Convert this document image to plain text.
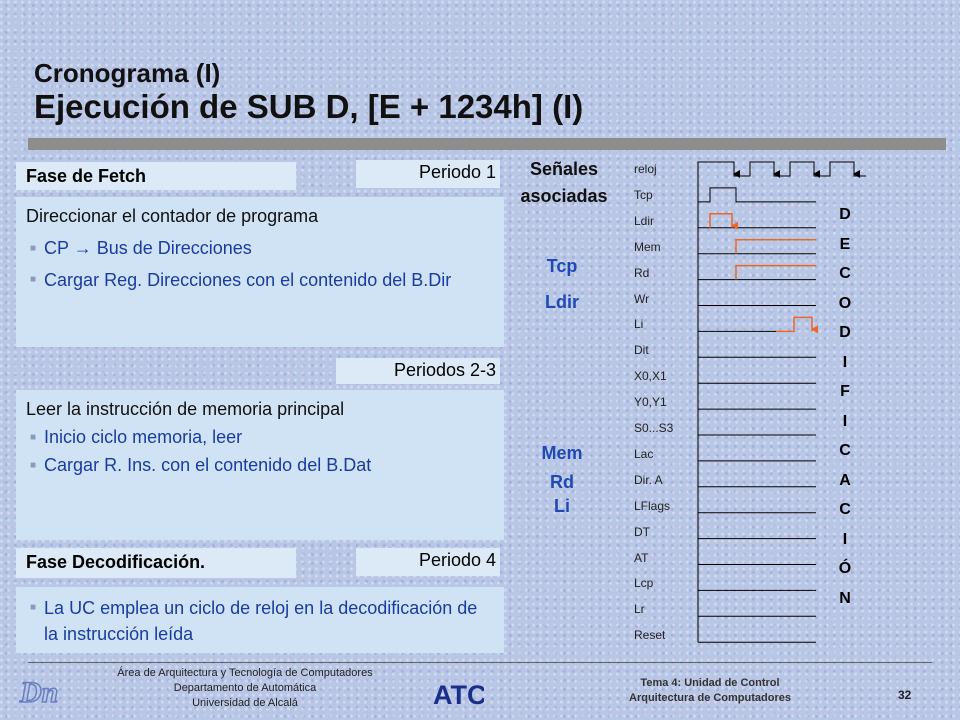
Cronograma (I)
Ejecución de SUB D, [E + 1234h] (I)
Fase de Fetch	Periodo 1
Direccionar el contador de programa
■ CP → Bus de Direcciones
■ Cargar Reg. Direcciones con el contenido del B.Dir
Periodos 2-3
Leer la instrucción de memoria principal
■ Inicio ciclo memoria, leer
■ Cargar R. Ins. con el contenido del B.Dat
Fase Decodificación.	Periodo 4
■ La UC emplea un ciclo de reloj en la decodificación de la instrucción leída
Señales
asociadas
Tcp
Ldir
Mem
Rd
Li
reloj
Tcp
Ldir
Mem
Rd
Wr
Li
Dit
X0,X1
Y0,Y1
S0...S3
Lac
Dir. A
LFlags
DT
AT
Lcp
Lr
Reset
D
E
C
O
D
I
F
I
C
A
C
I
Ó
N
Dn
Área de Arquitectura y Tecnología de Computadores
Departamento de Automática
Universidad de Alcalá	ATC	Tema 4: Unidad de Control
Arquitectura de Computadores	32
